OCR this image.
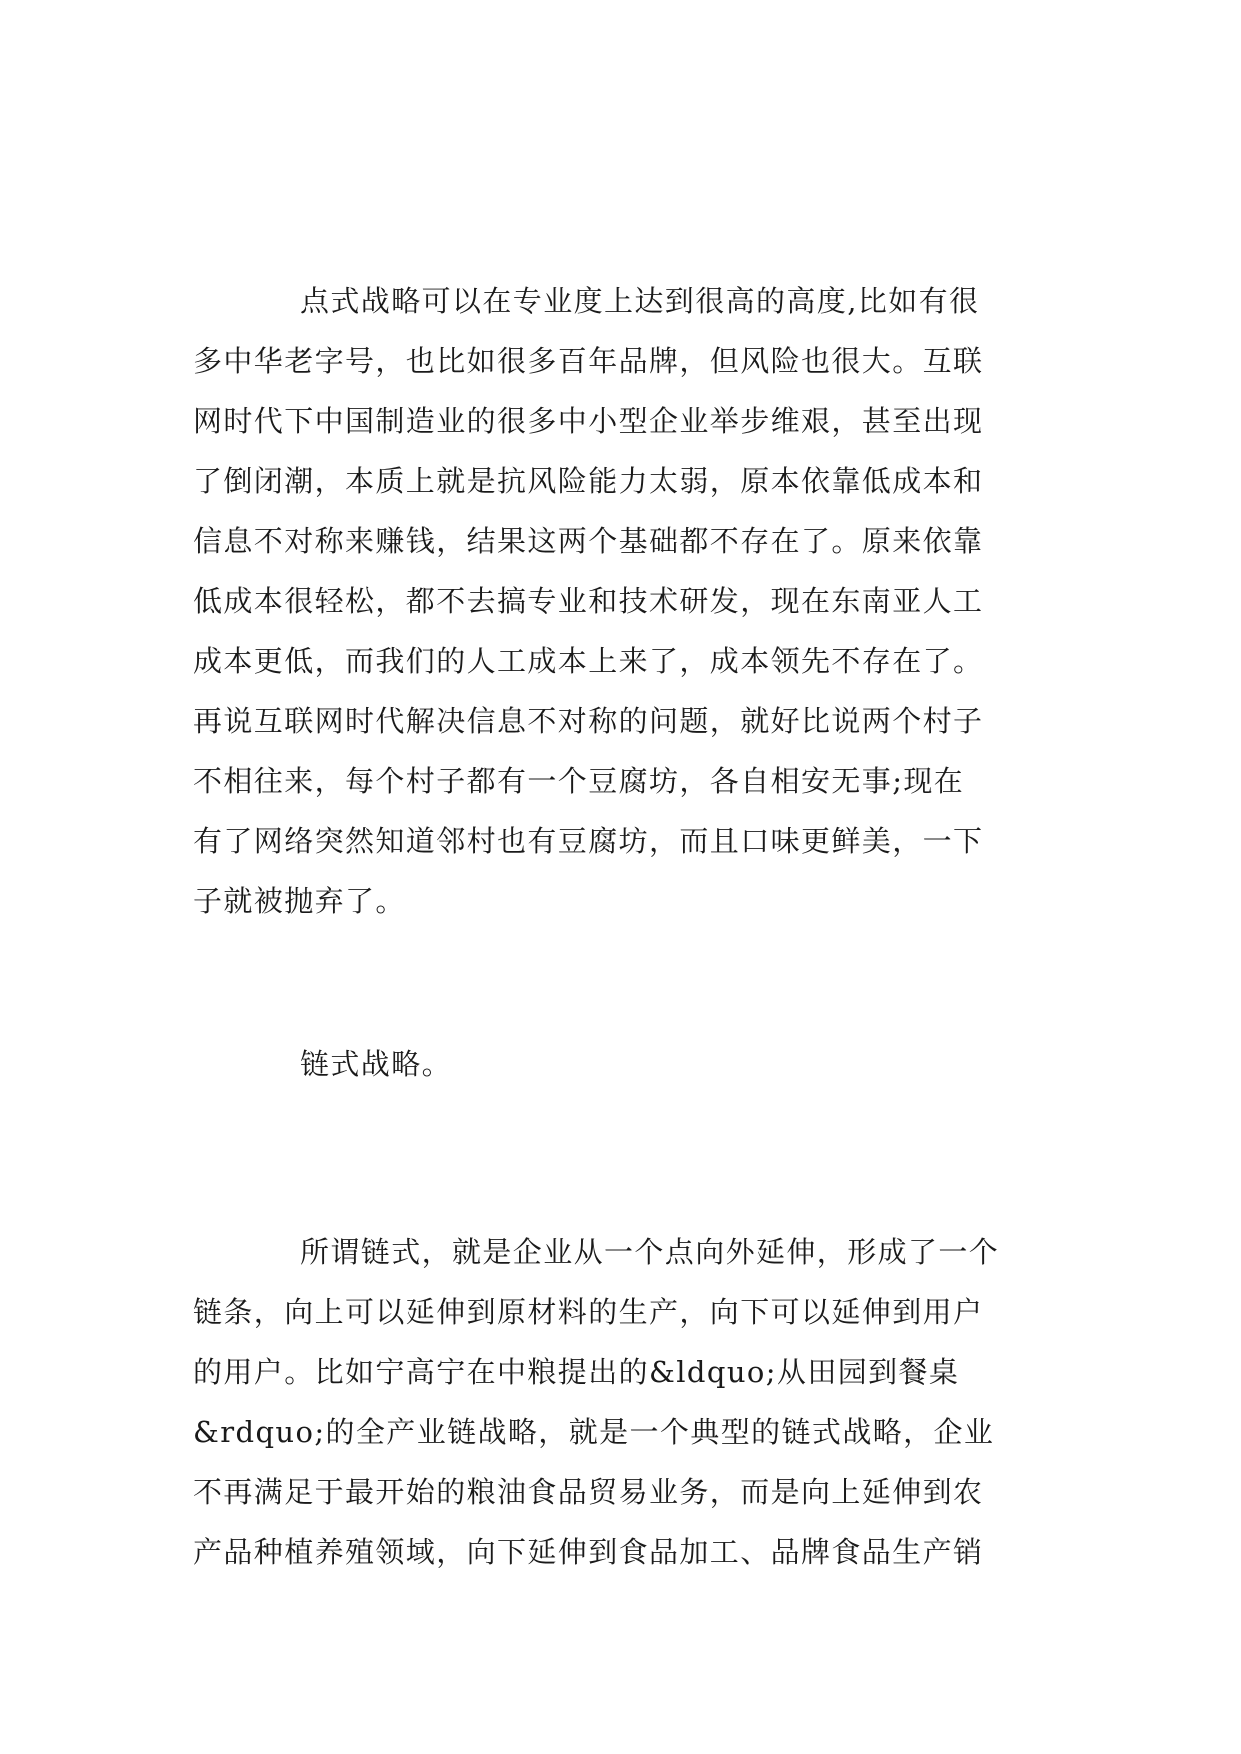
点式战略可以在专业度上达到很高的高度,比如有很
多中华老字号，也比如很多百年品牌，但风险也很大。互联
网时代下中国制造业的很多中小型企业举步维艰，甚至出现
了倒闭潮，本质上就是抗风险能力太弱，原本依靠低成本和
信息不对称来赚钱，结果这两个基础都不存在了。原来依靠
低成本很轻松，都不去搞专业和技术研发，现在东南亚人工
成本更低，而我们的人工成本上来了，成本领先不存在了。
再说互联网时代解决信息不对称的问题，就好比说两个村子
不相往来，每个村子都有一个豆腐坊，各自相安无事;现在
有了网络突然知道邻村也有豆腐坊，而且口味更鲜美，一下
子就被抛弃了。
链式战略。
所谓链式，就是企业从一个点向外延伸，形成了一个
链条，向上可以延伸到原材料的生产，向下可以延伸到用户
的用户。比如宁高宁在中粮提出的&ldquo;从田园到餐桌
&rdquo;的全产业链战略，就是一个典型的链式战略，企业
不再满足于最开始的粮油食品贸易业务，而是向上延伸到农
产品种植养殖领域，向下延伸到食品加工、品牌食品生产销
